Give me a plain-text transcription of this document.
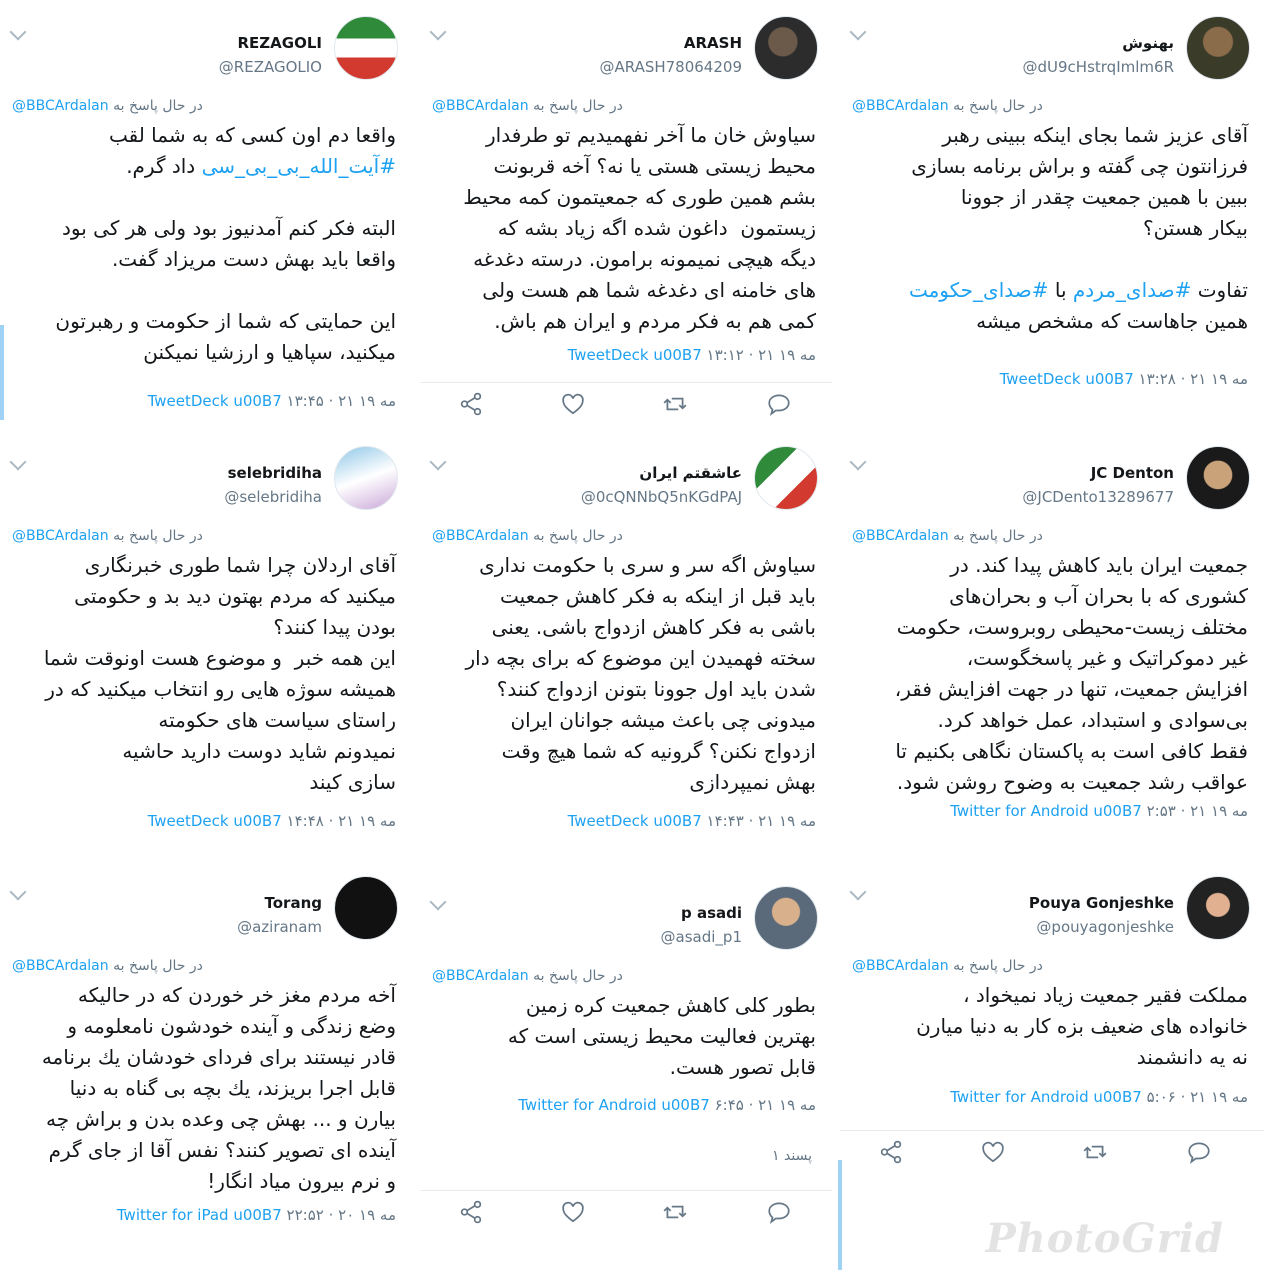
REZAGOLI
@REZAGOLIO
@BBCArdalan در حال پاسخ به
واقعا دم اون کسی که به شما لقب
#آیت_الله_بی_بی_سی داد گرم.
البته فکر کنم آمدنیوز بود ولی هر کی بود
واقعا باید بهش دست مریزاد گفت.
این حمایتی که شما از حکومت و رهبرتون
میکنید، سپاهیا و ارزشیا نمیکنن
TweetDeck u00B7 ۱۳:۴۵ · ۲۱ مه ۱۹
ARASH
@ARASH78064209
@BBCArdalan در حال پاسخ به
سیاوش خان ما آخر نفهمیدیم تو طرفدار
محیط زیستی هستی یا نه؟ آخه قربونت
بشم همین طوری که جمعیتمون کمه محیط
زیستمون  داغون شده اگه زیاد بشه که
دیگه هیچی نمیمونه برامون. درسته دغدغه
های خامنه ای دغدغه شما هم هست ولی
کمی هم به فکر مردم و ایران هم باش.
TweetDeck u00B7 ۱۳:۱۲ · ۲۱ مه ۱۹
بهنوش
@dU9cHstrqImlm6R
@BBCArdalan در حال پاسخ به
آقای عزیز شما بجای اینکه ببینی رهبر
فرزانتون چی گفته و براش برنامه بسازی
ببین با همین جمعیت چقدر از جوونا
بیکار هستن؟
تفاوت #صدای_مردم با #صدای_حکومت
همین جاهاست که مشخص میشه
TweetDeck u00B7 ۱۳:۲۸ · ۲۱ مه ۱۹
selebridiha
@selebridiha
@BBCArdalan در حال پاسخ به
آقای اردلان چرا شما طوری خبرنگاری
میکنید که مردم بهتون دید بد و حکومتی
بودن پیدا کنند؟
این همه خبر  و موضوع هست اونوقت شما
همیشه سوژه هایی رو انتخاب میکنید که در
راستای سیاست های حکومته
نمیدونم شاید دوست دارید حاشیه
سازی کیند
TweetDeck u00B7 ۱۴:۴۸ · ۲۱ مه ۱۹
عاشقتم ایران
@0cQNNbQ5nKGdPAJ
@BBCArdalan در حال پاسخ به
سیاوش اگه سر و سری با حکومت نداری
باید قبل از اینکه به فکر کاهش جمعیت
باشی به فکر کاهش ازدواج باشی. یعنی
سخته فهمیدن این موضوع که برای بچه دار
شدن باید اول جوونا بتونن ازدواج کنند؟
میدونی چی باعث میشه جوانان ایران
ازدواج نکنن؟ گرونیه که شما هیچ وقت
بهش نمیپردازی
TweetDeck u00B7 ۱۴:۴۳ · ۲۱ مه ۱۹
JC Denton
@JCDento13289677
@BBCArdalan در حال پاسخ به
جمعیت ایران باید کاهش پیدا کند. در
کشوری که با بحران آب و بحران‌های
مختلف زیست-محیطی روبروست، حکومت
غیر دموکراتیک و غیر پاسخگوست،
افزایش جمعیت، تنها در جهت افزایش فقر،
بی‌سوادی و استبداد، عمل خواهد کرد.
فقط کافی است به پاکستان نگاهی بکنیم تا
عواقب رشد جمعیت به وضوح روشن شود.
Twitter for Android u00B7 ۲:۵۳ · ۲۱ مه ۱۹
Torang
@aziranam
@BBCArdalan در حال پاسخ به
آخه مردم مغز خر خوردن که در حالیکه
وضع زندگی و آینده خودشون نامعلومه و
قادر نیستند برای فردای خودشان یك برنامه
قابل اجرا بریزند، یك بچه بی گناه به دنیا
بیارن و ... بهش چی وعده بدن و براش چه
آینده ای تصویر کنند؟ نفس آقا از جای گرم
و نرم بیرون میاد انگار!
Twitter for iPad u00B7 ۲۲:۵۲ · ۲۰ مه ۱۹
p asadi
@asadi_p1
@BBCArdalan در حال پاسخ به
بطور کلی کاهش جمعیت کره زمین
بهترین فعالیت محیط زیستی است که
قابل تصور هست.
Twitter for Android u00B7 ۶:۴۵ · ۲۱ مه ۱۹
۱ پسند
Pouya Gonjeshke
@pouyagonjeshke
@BBCArdalan در حال پاسخ به
مملکت فقیر جمعیت زیاد نمیخواد ،
خانواده های ضعیف بزه کار به دنیا میارن
نه یه دانشمند
Twitter for Android u00B7 ۵:۰۶ · ۲۱ مه ۱۹
PhotoGrid
